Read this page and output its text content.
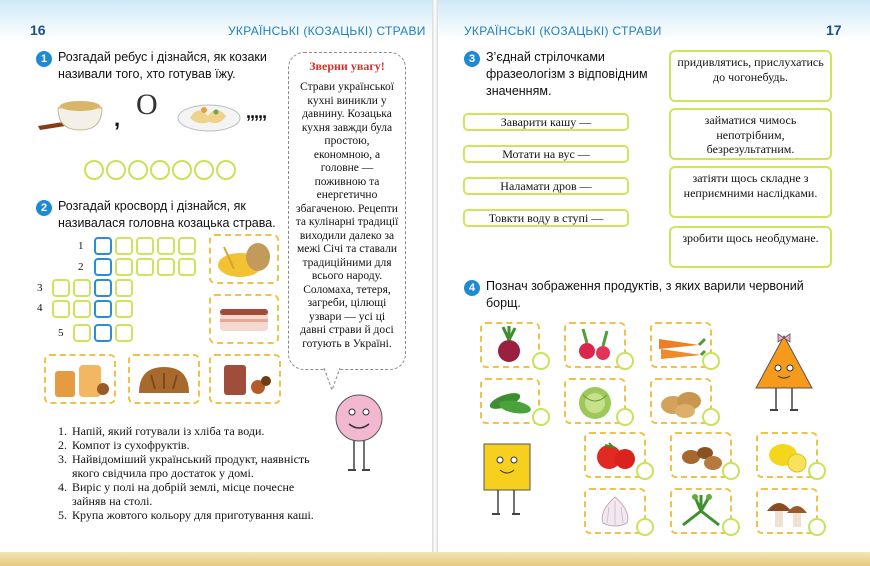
16	УКРАЇНСЬКІ (КОЗАЦЬКІ) СТРАВИ
1 Розгадай ребус і дізнайся, як козаки називали того, хто готував їжу.
, О	,,,,,
2 Розгадай кросворд і дізнайся, як називалася головна козацька страва.
1
2
3
4
5
1. Напій, який готували із хліба та води.
2. Компот із сухофруктів.
3. Найвідоміший український продукт, наявність якого свідчила про достаток у домі.
4. Виріс у полі на добрій землі, місце почесне зайняв на столі.
5. Крупа жовтого кольору для приготування каші.
Зверни увагу!
Страви української кухні виникли у давнину. Козацька кухня завжди була простою, економною, а головне — поживною та енергетично збагаченою. Рецепти та кулінарні традиції виходили далеко за межі Січі та ставали традиційними для всього народу. Соломаха, тетеря, загреби, цілющі узвари — усі ці давні страви й досі готують в Україні.
УКРАЇНСЬКІ (КОЗАЦЬКІ) СТРАВИ	17
3 З’єднай стрілочками фразеологізм з відповідним значенням.
Заварити кашу —
Мотати на вус —
Наламати дров —
Товкти воду в ступі —
придивлятись, прислухатись до чогонебудь.
займатися чимось непотрібним, безрезультатним.
затіяти щось складне з неприємними наслідками.
зробити щось необдумане.
4 Познач зображення продуктів, з яких варили червоний борщ.
